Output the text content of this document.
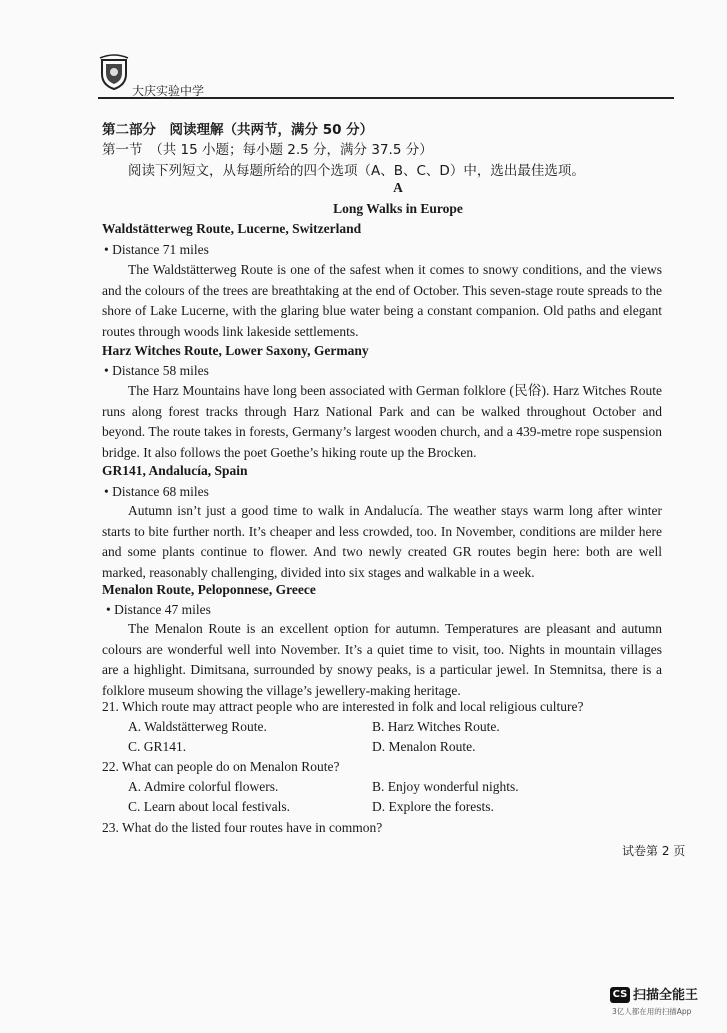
大庆实验中学
第二部分　阅读理解（共两节，满分 50 分）
第一节　（共 15 小题；每小题 2.5 分，满分 37.5 分）
阅读下列短文，从每题所给的四个选项（A、B、C、D）中，选出最佳选项。
A
Long Walks in Europe
Waldstätterweg Route, Lucerne, Switzerland
• Distance 71 miles

The Waldstätterweg Route is one of the safest when it comes to snowy conditions, and the views and the colours of the trees are breathtaking at the end of October. This seven-stage route spreads to the shore of Lake Lucerne, with the glaring blue water being a constant companion. Old paths and elegant routes through woods link lakeside settlements.

Harz Witches Route, Lower Saxony, Germany
• Distance 58 miles

The Harz Mountains have long been associated with German folklore (民俗). Harz Witches Route runs along forest tracks through Harz National Park and can be walked throughout October and beyond. The route takes in forests, Germany’s largest wooden church, and a 439-metre rope suspension bridge. It also follows the poet Goethe’s hiking route up the Brocken.

GR141, Andalucía, Spain
• Distance 68 miles

Autumn isn’t just a good time to walk in Andalucía. The weather stays warm long after winter starts to bite further north. It’s cheaper and less crowded, too. In November, conditions are milder here and some plants continue to flower. And two newly created GR routes begin here: both are well marked, reasonably challenging, divided into six stages and walkable in a week.

Menalon Route, Peloponnese, Greece
• Distance 47 miles

The Menalon Route is an excellent option for autumn. Temperatures are pleasant and autumn colours are wonderful well into November. It’s a quiet time to visit, too. Nights in mountain villages are a highlight. Dimitsana, surrounded by snowy peaks, is a particular jewel. In Stemnitsa, there is a folklore museum showing the village’s jewellery-making heritage.

21. Which route may attract people who are interested in folk and local religious culture?
A. Waldstätterweg Route.	B. Harz Witches Route.
C. GR141.	D. Menalon Route.
22. What can people do on Menalon Route?
A. Admire colorful flowers.	B. Enjoy wonderful nights.
C. Learn about local festivals.	D. Explore the forests.
23. What do the listed four routes have in common?
试卷第 2 页
CS 扫描全能王
3亿人都在用的扫描App
